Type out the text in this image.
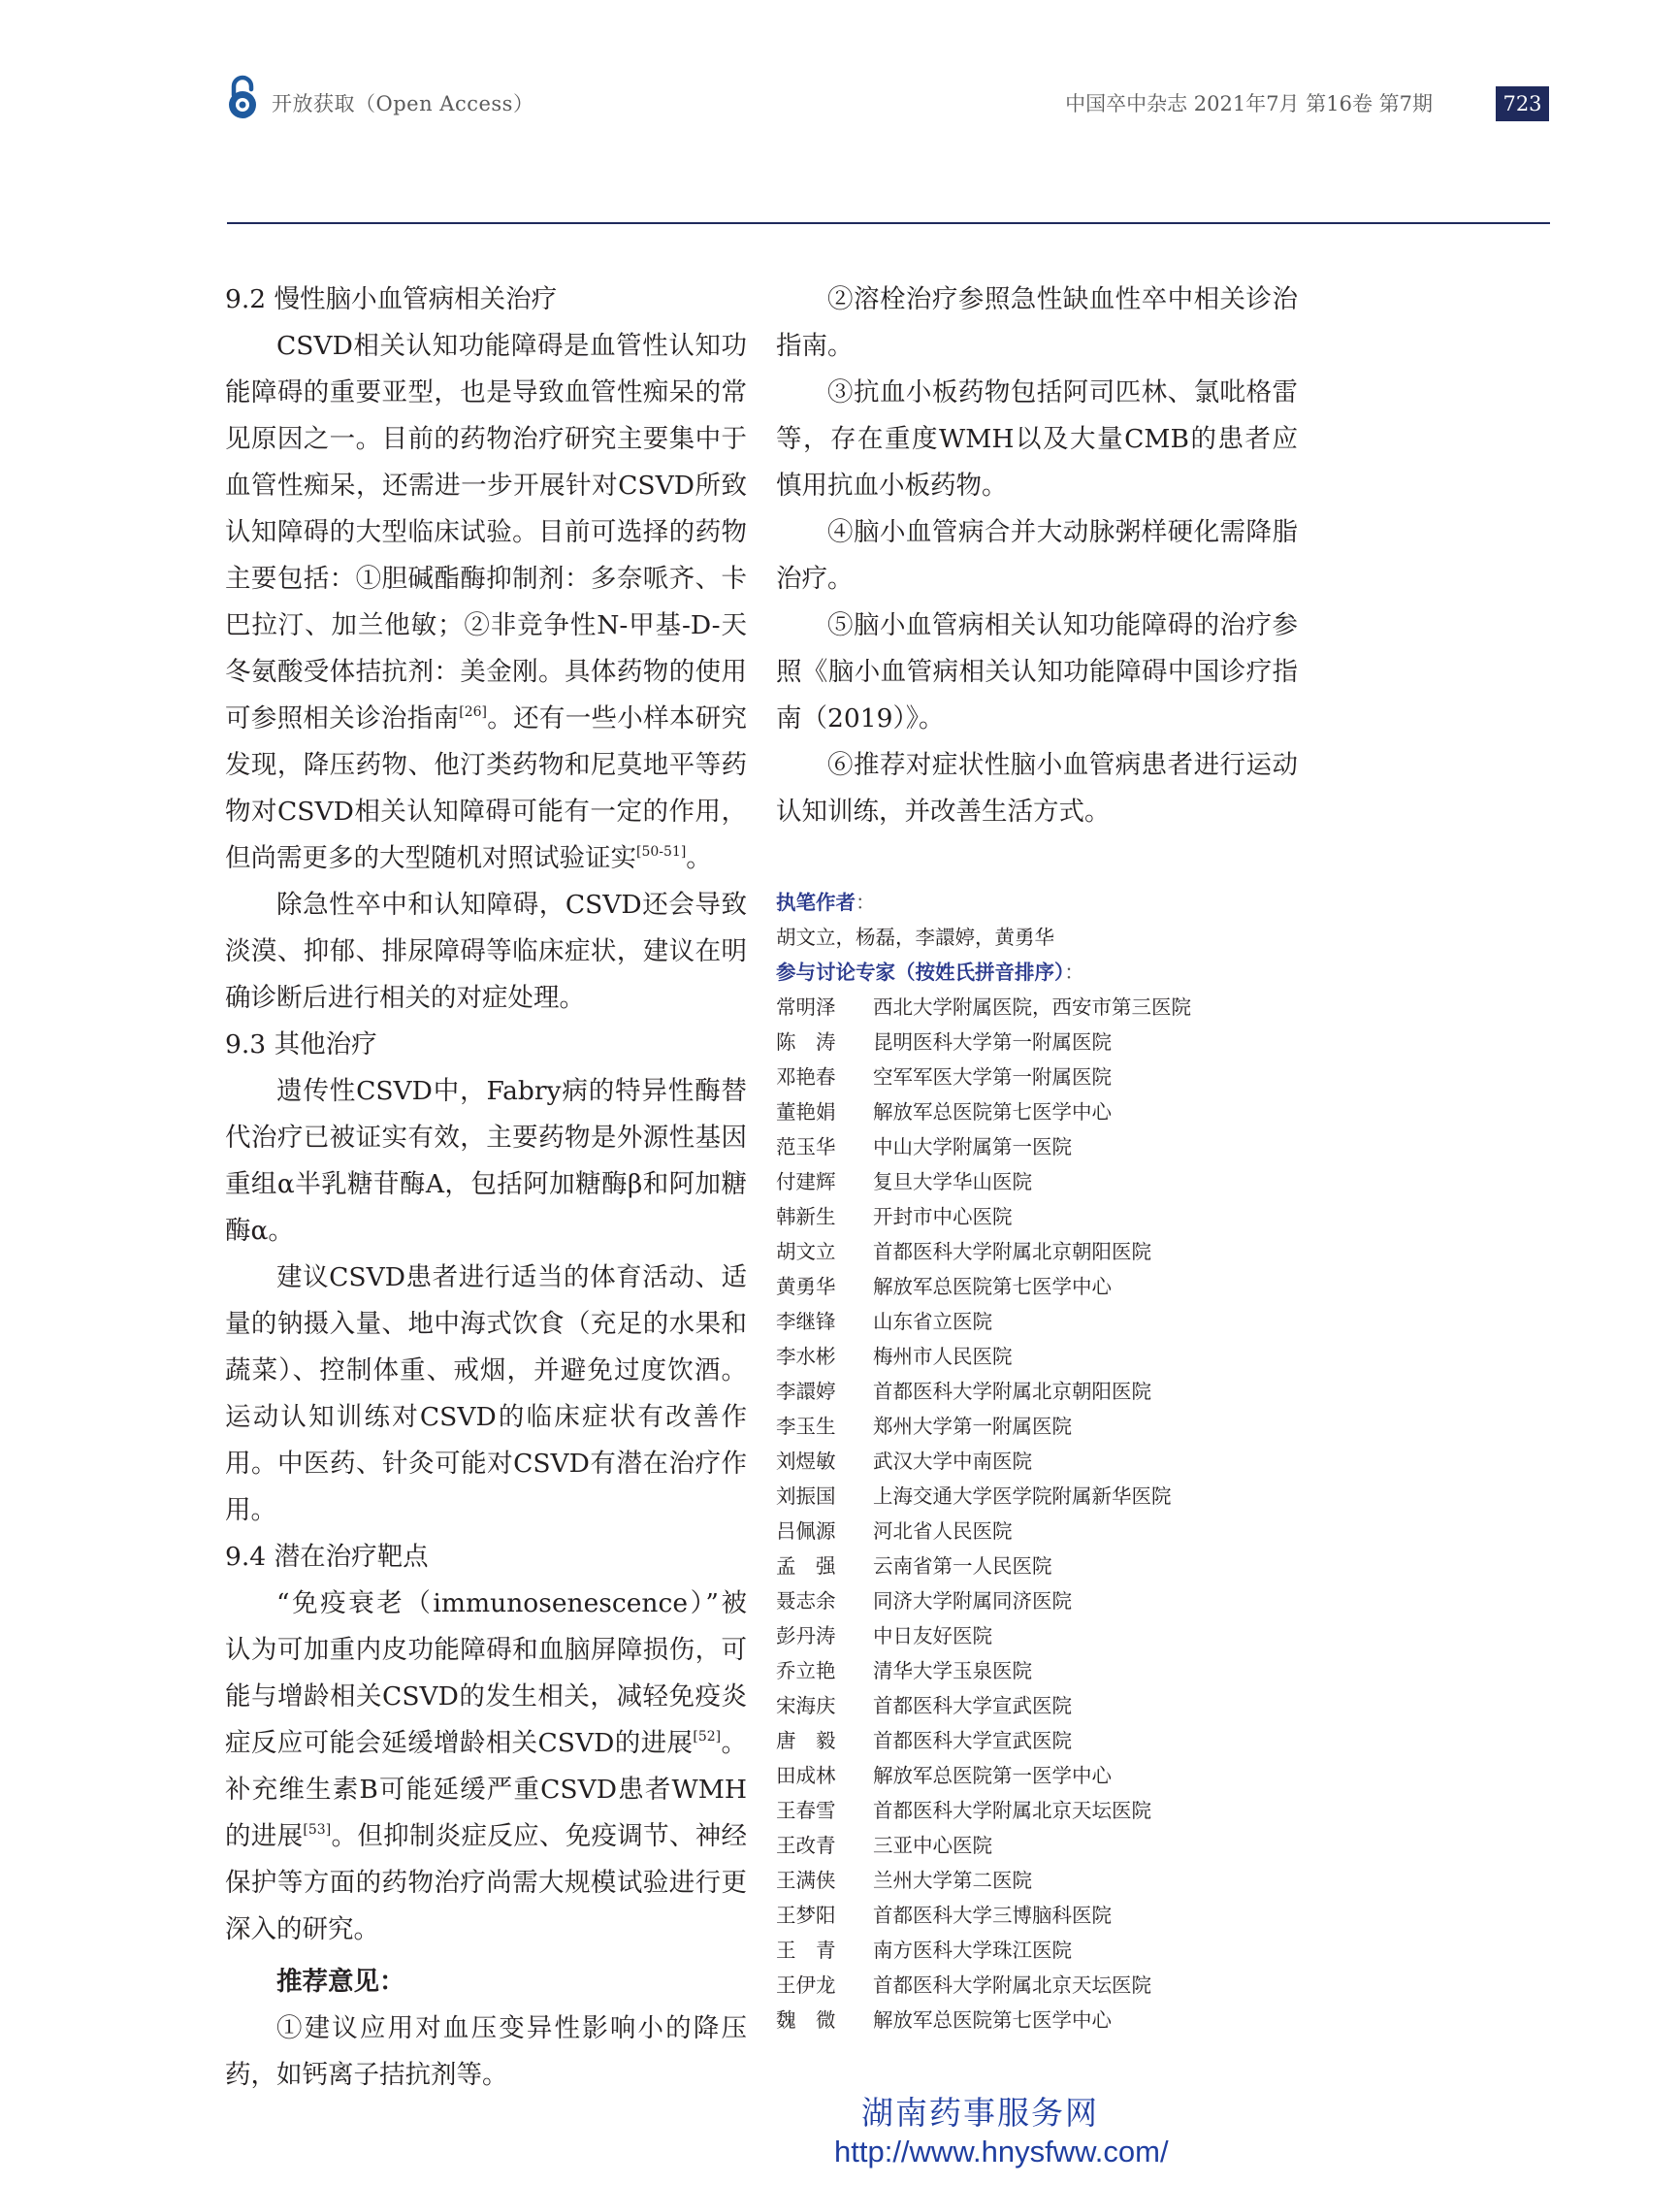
开放获取（Open Access）	中国卒中杂志 2021年7月 第16卷 第7期	723

9.2 慢性脑小血管病相关治疗

CSVD相关认知功能障碍是血管性认知功能障碍的重要亚型，也是导致血管性痴呆的常见原因之一。目前的药物治疗研究主要集中于血管性痴呆，还需进一步开展针对CSVD所致认知障碍的大型临床试验。目前可选择的药物主要包括：①胆碱酯酶抑制剂：多奈哌齐、卡巴拉汀、加兰他敏；②非竞争性N-甲基-D-天冬氨酸受体拮抗剂：美金刚。具体药物的使用可参照相关诊治指南[26]。还有一些小样本研究发现，降压药物、他汀类药物和尼莫地平等药物对CSVD相关认知障碍可能有一定的作用，但尚需更多的大型随机对照试验证实[50-51]。

除急性卒中和认知障碍，CSVD还会导致淡漠、抑郁、排尿障碍等临床症状，建议在明确诊断后进行相关的对症处理。

9.3 其他治疗

遗传性CSVD中，Fabry病的特异性酶替代治疗已被证实有效，主要药物是外源性基因重组α半乳糖苷酶A，包括阿加糖酶β和阿加糖酶α。

建议CSVD患者进行适当的体育活动、适量的钠摄入量、地中海式饮食（充足的水果和蔬菜）、控制体重、戒烟，并避免过度饮酒。运动认知训练对CSVD的临床症状有改善作用。中医药、针灸可能对CSVD有潜在治疗作用。

9.4 潜在治疗靶点

“免疫衰老（immunosenescence）”被认为可加重内皮功能障碍和血脑屏障损伤，可能与增龄相关CSVD的发生相关，减轻免疫炎症反应可能会延缓增龄相关CSVD的进展[52]。补充维生素B可能延缓严重CSVD患者WMH的进展[53]。但抑制炎症反应、免疫调节、神经保护等方面的药物治疗尚需大规模试验进行更深入的研究。

推荐意见：

①建议应用对血压变异性影响小的降压药，如钙离子拮抗剂等。

②溶栓治疗参照急性缺血性卒中相关诊治指南。

③抗血小板药物包括阿司匹林、氯吡格雷等，存在重度WMH以及大量CMB的患者应慎用抗血小板药物。

④脑小血管病合并大动脉粥样硬化需降脂治疗。

⑤脑小血管病相关认知功能障碍的治疗参照《脑小血管病相关认知功能障碍中国诊疗指南（2019）》。

⑥推荐对症状性脑小血管病患者进行运动认知训练，并改善生活方式。

执笔作者：
胡文立，杨磊，李譞婷，黄勇华
参与讨论专家（按姓氏拼音排序）：
常明泽	西北大学附属医院，西安市第三医院
陈　涛	昆明医科大学第一附属医院
邓艳春	空军军医大学第一附属医院
董艳娟	解放军总医院第七医学中心
范玉华	中山大学附属第一医院
付建辉	复旦大学华山医院
韩新生	开封市中心医院
胡文立	首都医科大学附属北京朝阳医院
黄勇华	解放军总医院第七医学中心
李继锋	山东省立医院
李水彬	梅州市人民医院
李譞婷	首都医科大学附属北京朝阳医院
李玉生	郑州大学第一附属医院
刘煜敏	武汉大学中南医院
刘振国	上海交通大学医学院附属新华医院
吕佩源	河北省人民医院
孟　强	云南省第一人民医院
聂志余	同济大学附属同济医院
彭丹涛	中日友好医院
乔立艳	清华大学玉泉医院
宋海庆	首都医科大学宣武医院
唐　毅	首都医科大学宣武医院
田成林	解放军总医院第一医学中心
王春雪	首都医科大学附属北京天坛医院
王改青	三亚中心医院
王满侠	兰州大学第二医院
王梦阳	首都医科大学三博脑科医院
王　青	南方医科大学珠江医院
王伊龙	首都医科大学附属北京天坛医院
魏　微	解放军总医院第七医学中心
湖南药事服务网
http://www.hnysfww.com/
